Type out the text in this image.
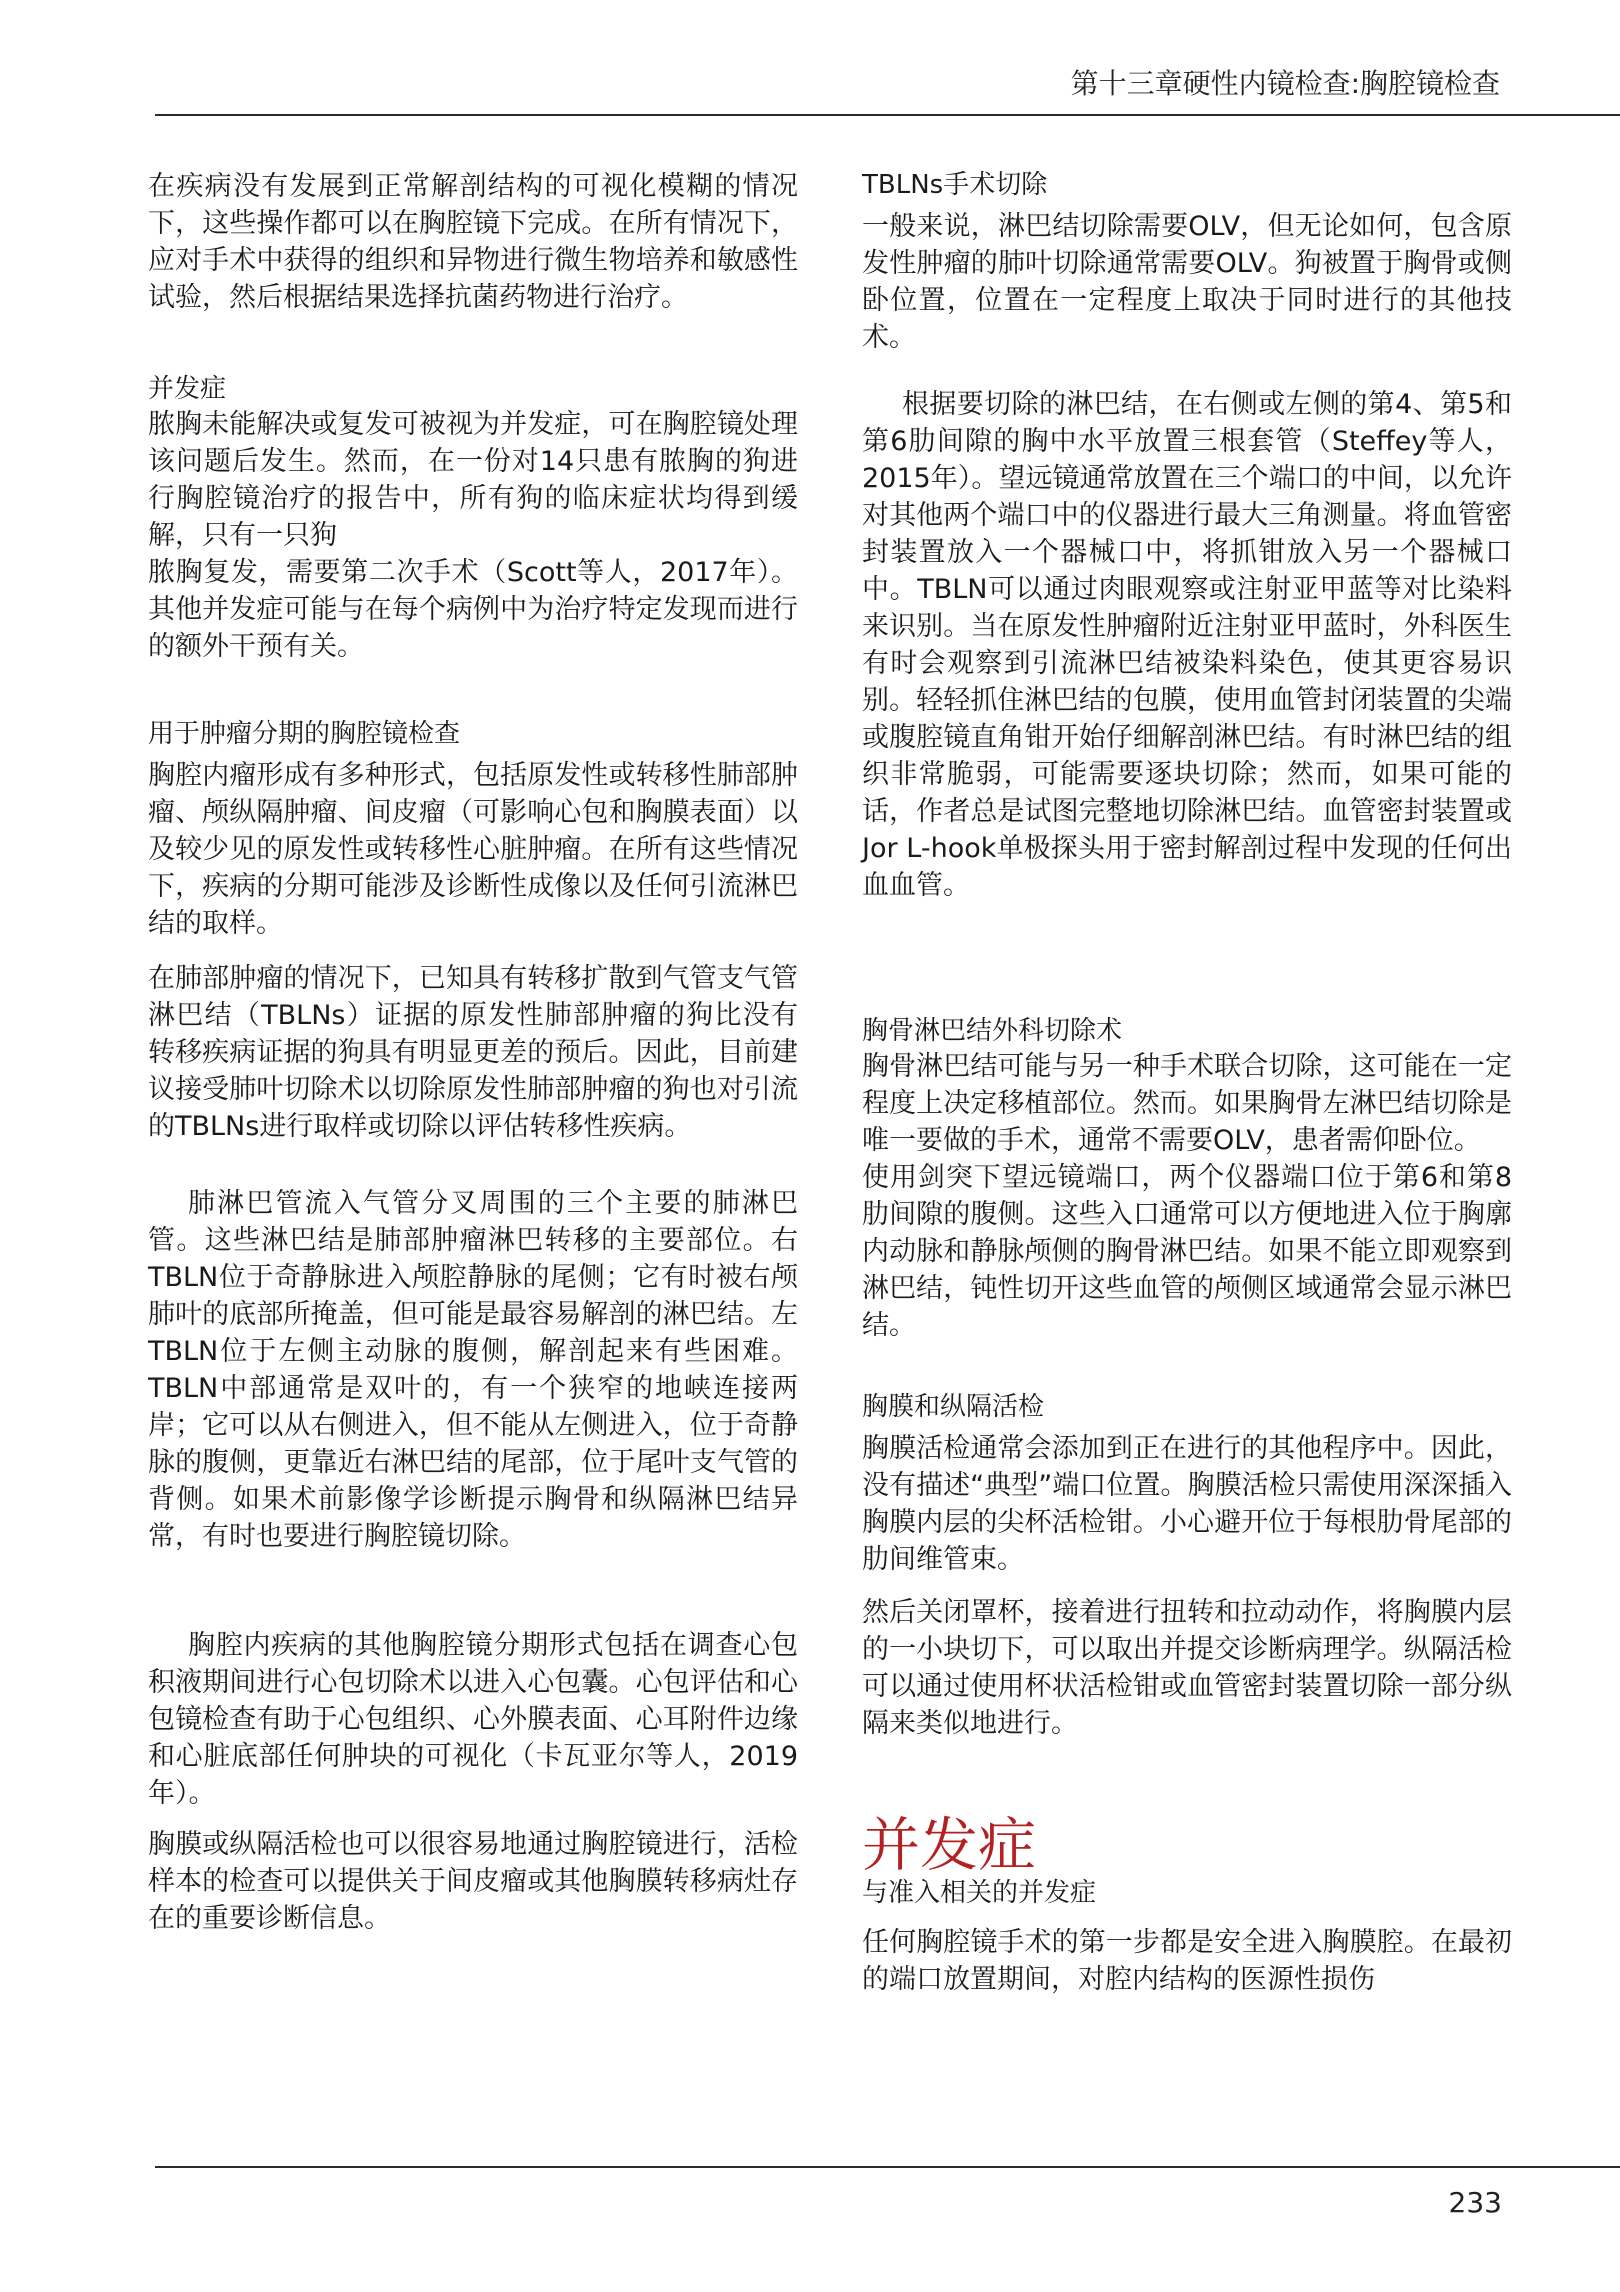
第十三章硬性内镜检查:胸腔镜检查

在疾病没有发展到正常解剖结构的可视化模糊的情况下，这些操作都可以在胸腔镜下完成。在所有情况下，应对手术中获得的组织和异物进行微生物培养和敏感性试验，然后根据结果选择抗菌药物进行治疗。

并发症

脓胸未能解决或复发可被视为并发症，可在胸腔镜处理该问题后发生。然而，在一份对14只患有脓胸的狗进行胸腔镜治疗的报告中，所有狗的临床症状均得到缓解，只有一只狗

脓胸复发，需要第二次手术（Scott等人，2017年）。其他并发症可能与在每个病例中为治疗特定发现而进行的额外干预有关。

用于肿瘤分期的胸腔镜检查

胸腔内瘤形成有多种形式，包括原发性或转移性肺部肿瘤、颅纵隔肿瘤、间皮瘤（可影响心包和胸膜表面）以及较少见的原发性或转移性心脏肿瘤。在所有这些情况下，疾病的分期可能涉及诊断性成像以及任何引流淋巴结的取样。

在肺部肿瘤的情况下，已知具有转移扩散到气管支气管淋巴结（TBLNs）证据的原发性肺部肿瘤的狗比没有转移疾病证据的狗具有明显更差的预后。因此，目前建议接受肺叶切除术以切除原发性肺部肿瘤的狗也对引流的TBLNs进行取样或切除以评估转移性疾病。

肺淋巴管流入气管分叉周围的三个主要的肺淋巴管。这些淋巴结是肺部肿瘤淋巴转移的主要部位。右TBLN位于奇静脉进入颅腔静脉的尾侧；它有时被右颅肺叶的底部所掩盖，但可能是最容易解剖的淋巴结。左TBLN位于左侧主动脉的腹侧，解剖起来有些困难。TBLN中部通常是双叶的，有一个狭窄的地峡连接两岸；它可以从右侧进入，但不能从左侧进入，位于奇静脉的腹侧，更靠近右淋巴结的尾部，位于尾叶支气管的背侧。如果术前影像学诊断提示胸骨和纵隔淋巴结异常，有时也要进行胸腔镜切除。

胸腔内疾病的其他胸腔镜分期形式包括在调查心包积液期间进行心包切除术以进入心包囊。心包评估和心包镜检查有助于心包组织、心外膜表面、心耳附件边缘和心脏底部任何肿块的可视化（卡瓦亚尔等人，2019年）。

胸膜或纵隔活检也可以很容易地通过胸腔镜进行，活检样本的检查可以提供关于间皮瘤或其他胸膜转移病灶存在的重要诊断信息。

TBLNs手术切除

一般来说，淋巴结切除需要OLV，但无论如何，包含原发性肿瘤的肺叶切除通常需要OLV。狗被置于胸骨或侧卧位置，位置在一定程度上取决于同时进行的其他技术。

根据要切除的淋巴结，在右侧或左侧的第4、第5和第6肋间隙的胸中水平放置三根套管（Steffey等人，2015年）。望远镜通常放置在三个端口的中间，以允许对其他两个端口中的仪器进行最大三角测量。将血管密封装置放入一个器械口中，将抓钳放入另一个器械口中。TBLN可以通过肉眼观察或注射亚甲蓝等对比染料来识别。当在原发性肿瘤附近注射亚甲蓝时，外科医生有时会观察到引流淋巴结被染料染色，使其更容易识别。轻轻抓住淋巴结的包膜，使用血管封闭装置的尖端或腹腔镜直角钳开始仔细解剖淋巴结。有时淋巴结的组织非常脆弱，可能需要逐块切除；然而，如果可能的话，作者总是试图完整地切除淋巴结。血管密封装置或Jor L-hook单极探头用于密封解剖过程中发现的任何出血血管。

胸骨淋巴结外科切除术

胸骨淋巴结可能与另一种手术联合切除，这可能在一定程度上决定移植部位。然而。如果胸骨左淋巴结切除是唯一要做的手术，通常不需要OLV，患者需仰卧位。

使用剑突下望远镜端口，两个仪器端口位于第6和第8肋间隙的腹侧。这些入口通常可以方便地进入位于胸廓内动脉和静脉颅侧的胸骨淋巴结。如果不能立即观察到淋巴结，钝性切开这些血管的颅侧区域通常会显示淋巴结。

胸膜和纵隔活检

胸膜活检通常会添加到正在进行的其他程序中。因此，没有描述“典型”端口位置。胸膜活检只需使用深深插入胸膜内层的尖杯活检钳。小心避开位于每根肋骨尾部的肋间维管束。

然后关闭罩杯，接着进行扭转和拉动动作，将胸膜内层的一小块切下，可以取出并提交诊断病理学。纵隔活检可以通过使用杯状活检钳或血管密封装置切除一部分纵隔来类似地进行。

并发症
与准入相关的并发症

任何胸腔镜手术的第一步都是安全进入胸膜腔。在最初的端口放置期间，对腔内结构的医源性损伤

233
